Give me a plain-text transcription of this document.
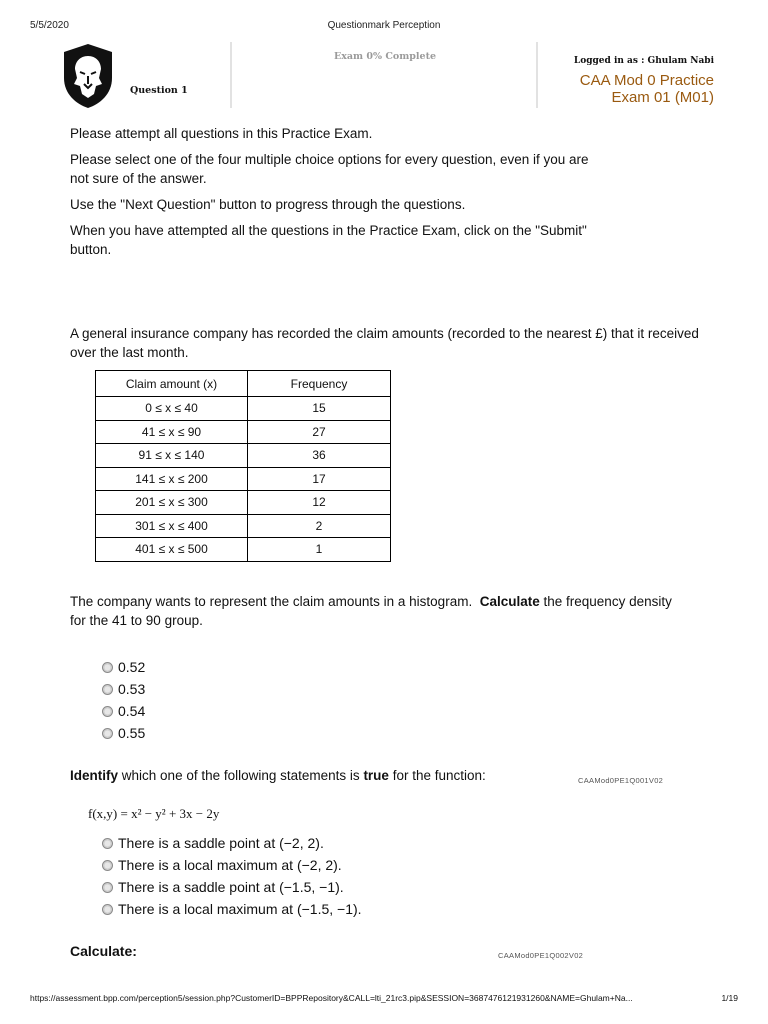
5/5/2020	Questionmark Perception
Question 1
Exam 0% Complete	Logged in as : Ghulam Nabi
CAA Mod 0 Practice
Exam 01 (M01)
Please attempt all questions in this Practice Exam.
Please select one of the four multiple choice options for every question, even if you are not sure of the answer.
Use the "Next Question" button to progress through the questions.
When you have attempted all the questions in the Practice Exam, click on the "Submit" button.
A general insurance company has recorded the claim amounts (recorded to the nearest £) that it received over the last month.
Claim amount (x)	Frequency
0 ≤ x ≤ 40	15
41 ≤ x ≤ 90	27
91 ≤ x ≤ 140	36
141 ≤ x ≤ 200	17
201 ≤ x ≤ 300	12
301 ≤ x ≤ 400	2
401 ≤ x ≤ 500	1
The company wants to represent the claim amounts in a histogram. Calculate the frequency density for the 41 to 90 group.
0.52
0.53
0.54
0.55
Identify which one of the following statements is true for the function:	CAAMod0PE1Q001V02
f(x,y) = x² − y² + 3x − 2y
There is a saddle point at (−2, 2).
There is a local maximum at (−2, 2).
There is a saddle point at (−1.5, −1).
There is a local maximum at (−1.5, −1).
Calculate:	CAAMod0PE1Q002V02
https://assessment.bpp.com/perception5/session.php?CustomerID=BPPRepository&CALL=lti_21rc3.pip&SESSION=3687476121931260&NAME=Ghulam+Na...	1/19
